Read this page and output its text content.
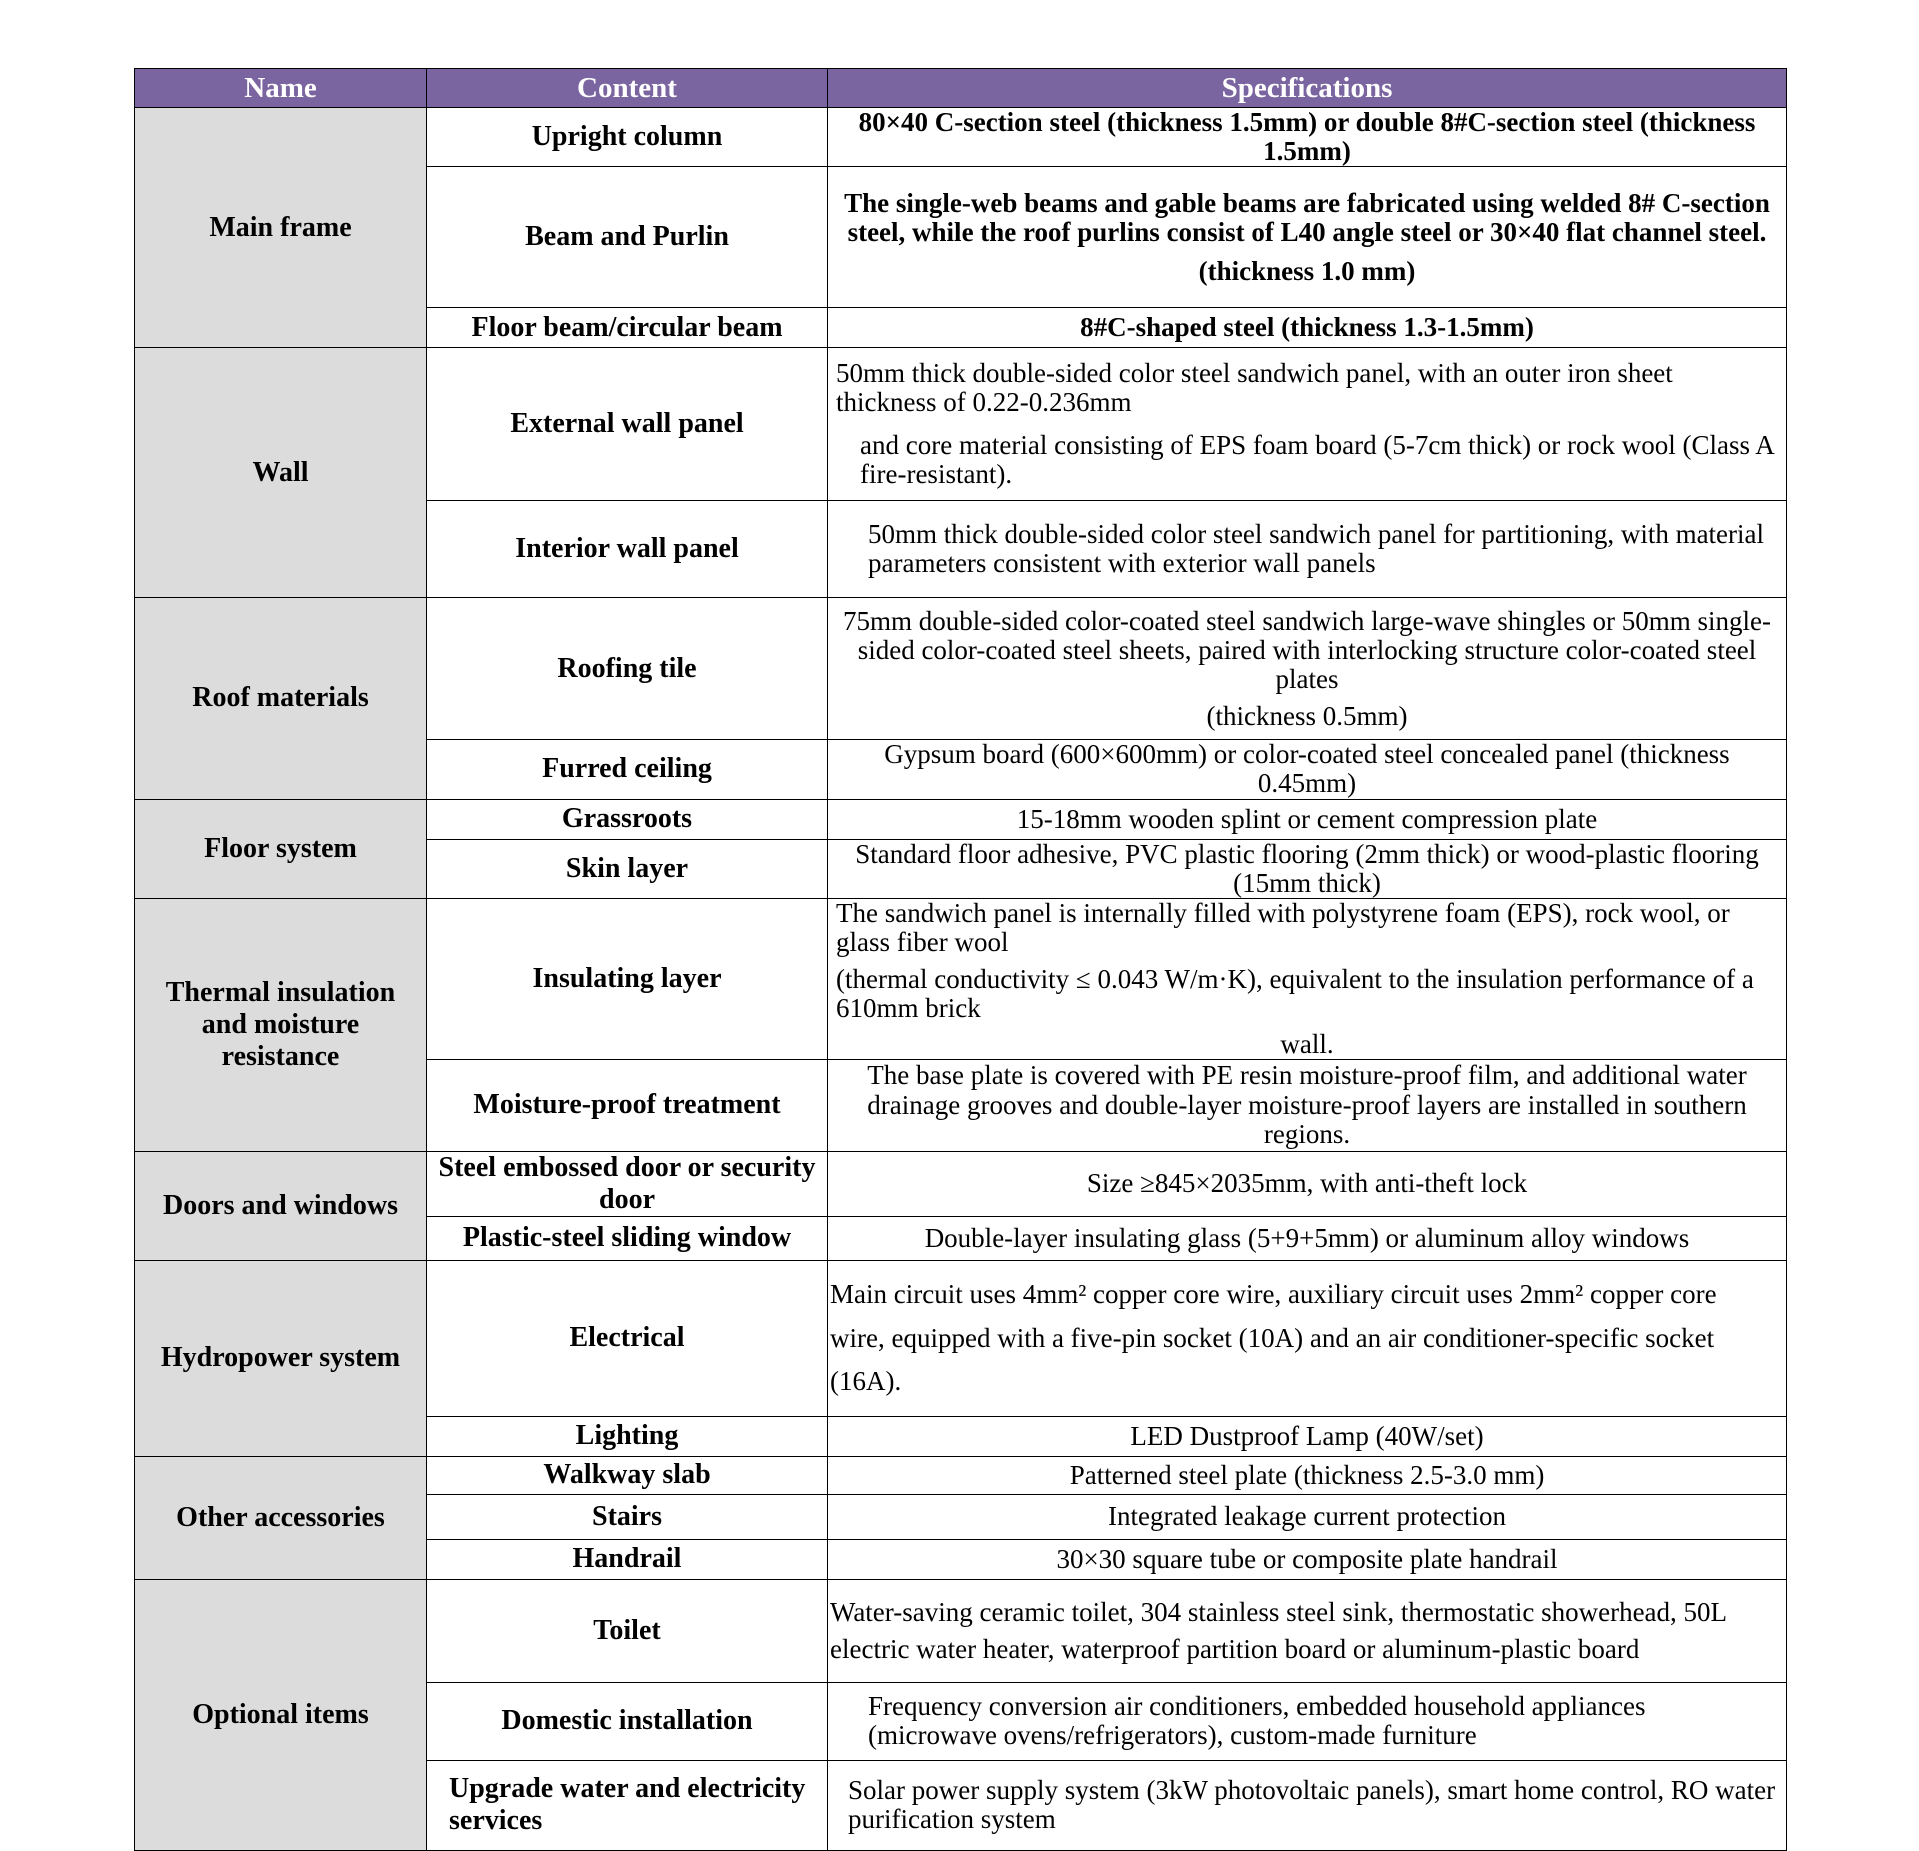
Name	Content	Specifications
Main frame	Upright column	80×40 C-section steel (thickness 1.5mm) or double 8#C-section steel (thickness 1.5mm)
	Beam and Purlin	The single-web beams and gable beams are fabricated using welded 8# C-section steel, while the roof purlins consist of L40 angle steel or 30×40 flat channel steel.

(thickness 1.0 mm)

	Floor beam/circular beam	8#C-shaped steel (thickness 1.3-1.5mm)
Wall	External wall panel	50mm thick double-sided color steel sandwich panel, with an outer iron sheet thickness of 0.22-0.236mm

and core material consisting of EPS foam board (5-7cm thick) or rock wool (Class A fire-resistant).

	Interior wall panel	50mm thick double-sided color steel sandwich panel for partitioning, with material parameters consistent with exterior wall panels
Roof materials	Roofing tile	75mm double-sided color-coated steel sandwich large-wave shingles or 50mm single-sided color-coated steel sheets, paired with interlocking structure color-coated steel plates

(thickness 0.5mm)

	Furred ceiling	Gypsum board (600×600mm) or color-coated steel concealed panel (thickness 0.45mm)
Floor system	Grassroots	15-18mm wooden splint or cement compression plate
	Skin layer	Standard floor adhesive, PVC plastic flooring (2mm thick) or wood-plastic flooring (15mm thick)
Thermal insulation and moisture resistance	Insulating layer	The sandwich panel is internally filled with polystyrene foam (EPS), rock wool, or glass fiber wool

(thermal conductivity ≤ 0.043 W/m·K), equivalent to the insulation performance of a 610mm brick

wall.

	Moisture-proof treatment	The base plate is covered with PE resin moisture-proof film, and additional water drainage grooves and double-layer moisture-proof layers are installed in southern regions.
Doors and windows	Steel embossed door or security door	Size ≥845×2035mm, with anti-theft lock
	Plastic-steel sliding window	Double-layer insulating glass (5+9+5mm) or aluminum alloy windows
Hydropower system	Electrical	Main circuit uses 4mm² copper core wire, auxiliary circuit uses 2mm² copper core wire, equipped with a five-pin socket (10A) and an air conditioner-specific socket (16A).
	Lighting	LED Dustproof Lamp (40W/set)
Other accessories	Walkway slab	Patterned steel plate (thickness 2.5-3.0 mm)
	Stairs	Integrated leakage current protection
	Handrail	30×30 square tube or composite plate handrail
Optional items	Toilet	Water-saving ceramic toilet, 304 stainless steel sink, thermostatic showerhead, 50L electric water heater, waterproof partition board or aluminum-plastic board
	Domestic installation	Frequency conversion air conditioners, embedded household appliances (microwave ovens/refrigerators), custom-made furniture
	Upgrade water and electricity services	Solar power supply system (3kW photovoltaic panels), smart home control, RO water purification system
